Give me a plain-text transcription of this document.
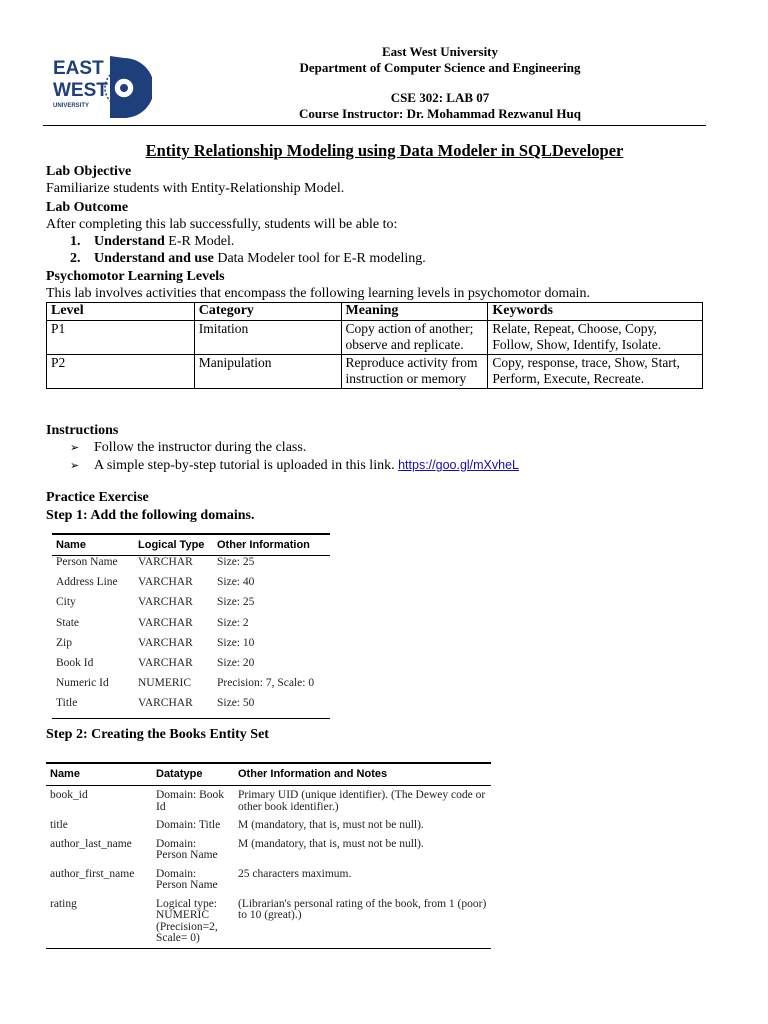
EAST
WEST
UNIVERSITY
East West University
Department of Computer Science and Engineering
CSE 302: LAB 07
Course Instructor: Dr. Mohammad Rezwanul Huq
Entity Relationship Modeling using Data Modeler in SQLDeveloper
Lab Objective
Familiarize students with Entity-Relationship Model.
Lab Outcome
After completing this lab successfully, students will be able to:
1. Understand E-R Model.
2. Understand and use Data Modeler tool for E-R modeling.
Psychomotor Learning Levels
This lab involves activities that encompass the following learning levels in psychomotor domain.
Level	Category	Meaning	Keywords
P1	Imitation	Copy action of another; observe and replicate.	Relate, Repeat, Choose, Copy, Follow, Show, Identify, Isolate.
P2	Manipulation	Reproduce activity from instruction or memory	Copy, response, trace, Show, Start, Perform, Execute, Recreate.
Instructions
➢ Follow the instructor during the class.
➢ A simple step-by-step tutorial is uploaded in this link. https://goo.gl/mXvheL
Practice Exercise
Step 1: Add the following domains.
Name	Logical Type	Other Information
Person Name	VARCHAR	Size: 25
Address Line	VARCHAR	Size: 40
City	VARCHAR	Size: 25
State	VARCHAR	Size: 2
Zip	VARCHAR	Size: 10
Book Id	VARCHAR	Size: 20
Numeric Id	NUMERIC	Precision: 7, Scale: 0
Title	VARCHAR	Size: 50
Step 2: Creating the Books Entity Set
Name	Datatype	Other Information and Notes
book_id	Domain: Book Id	Primary UID (unique identifier). (The Dewey code or other book identifier.)
title	Domain: Title	M (mandatory, that is, must not be null).
author_last_name	Domain: Person Name	M (mandatory, that is, must not be null).
author_first_name	Domain: Person Name	25 characters maximum.
rating	Logical type: NUMERIC (Precision=2, Scale= 0)	(Librarian's personal rating of the book, from 1 (poor) to 10 (great).)
